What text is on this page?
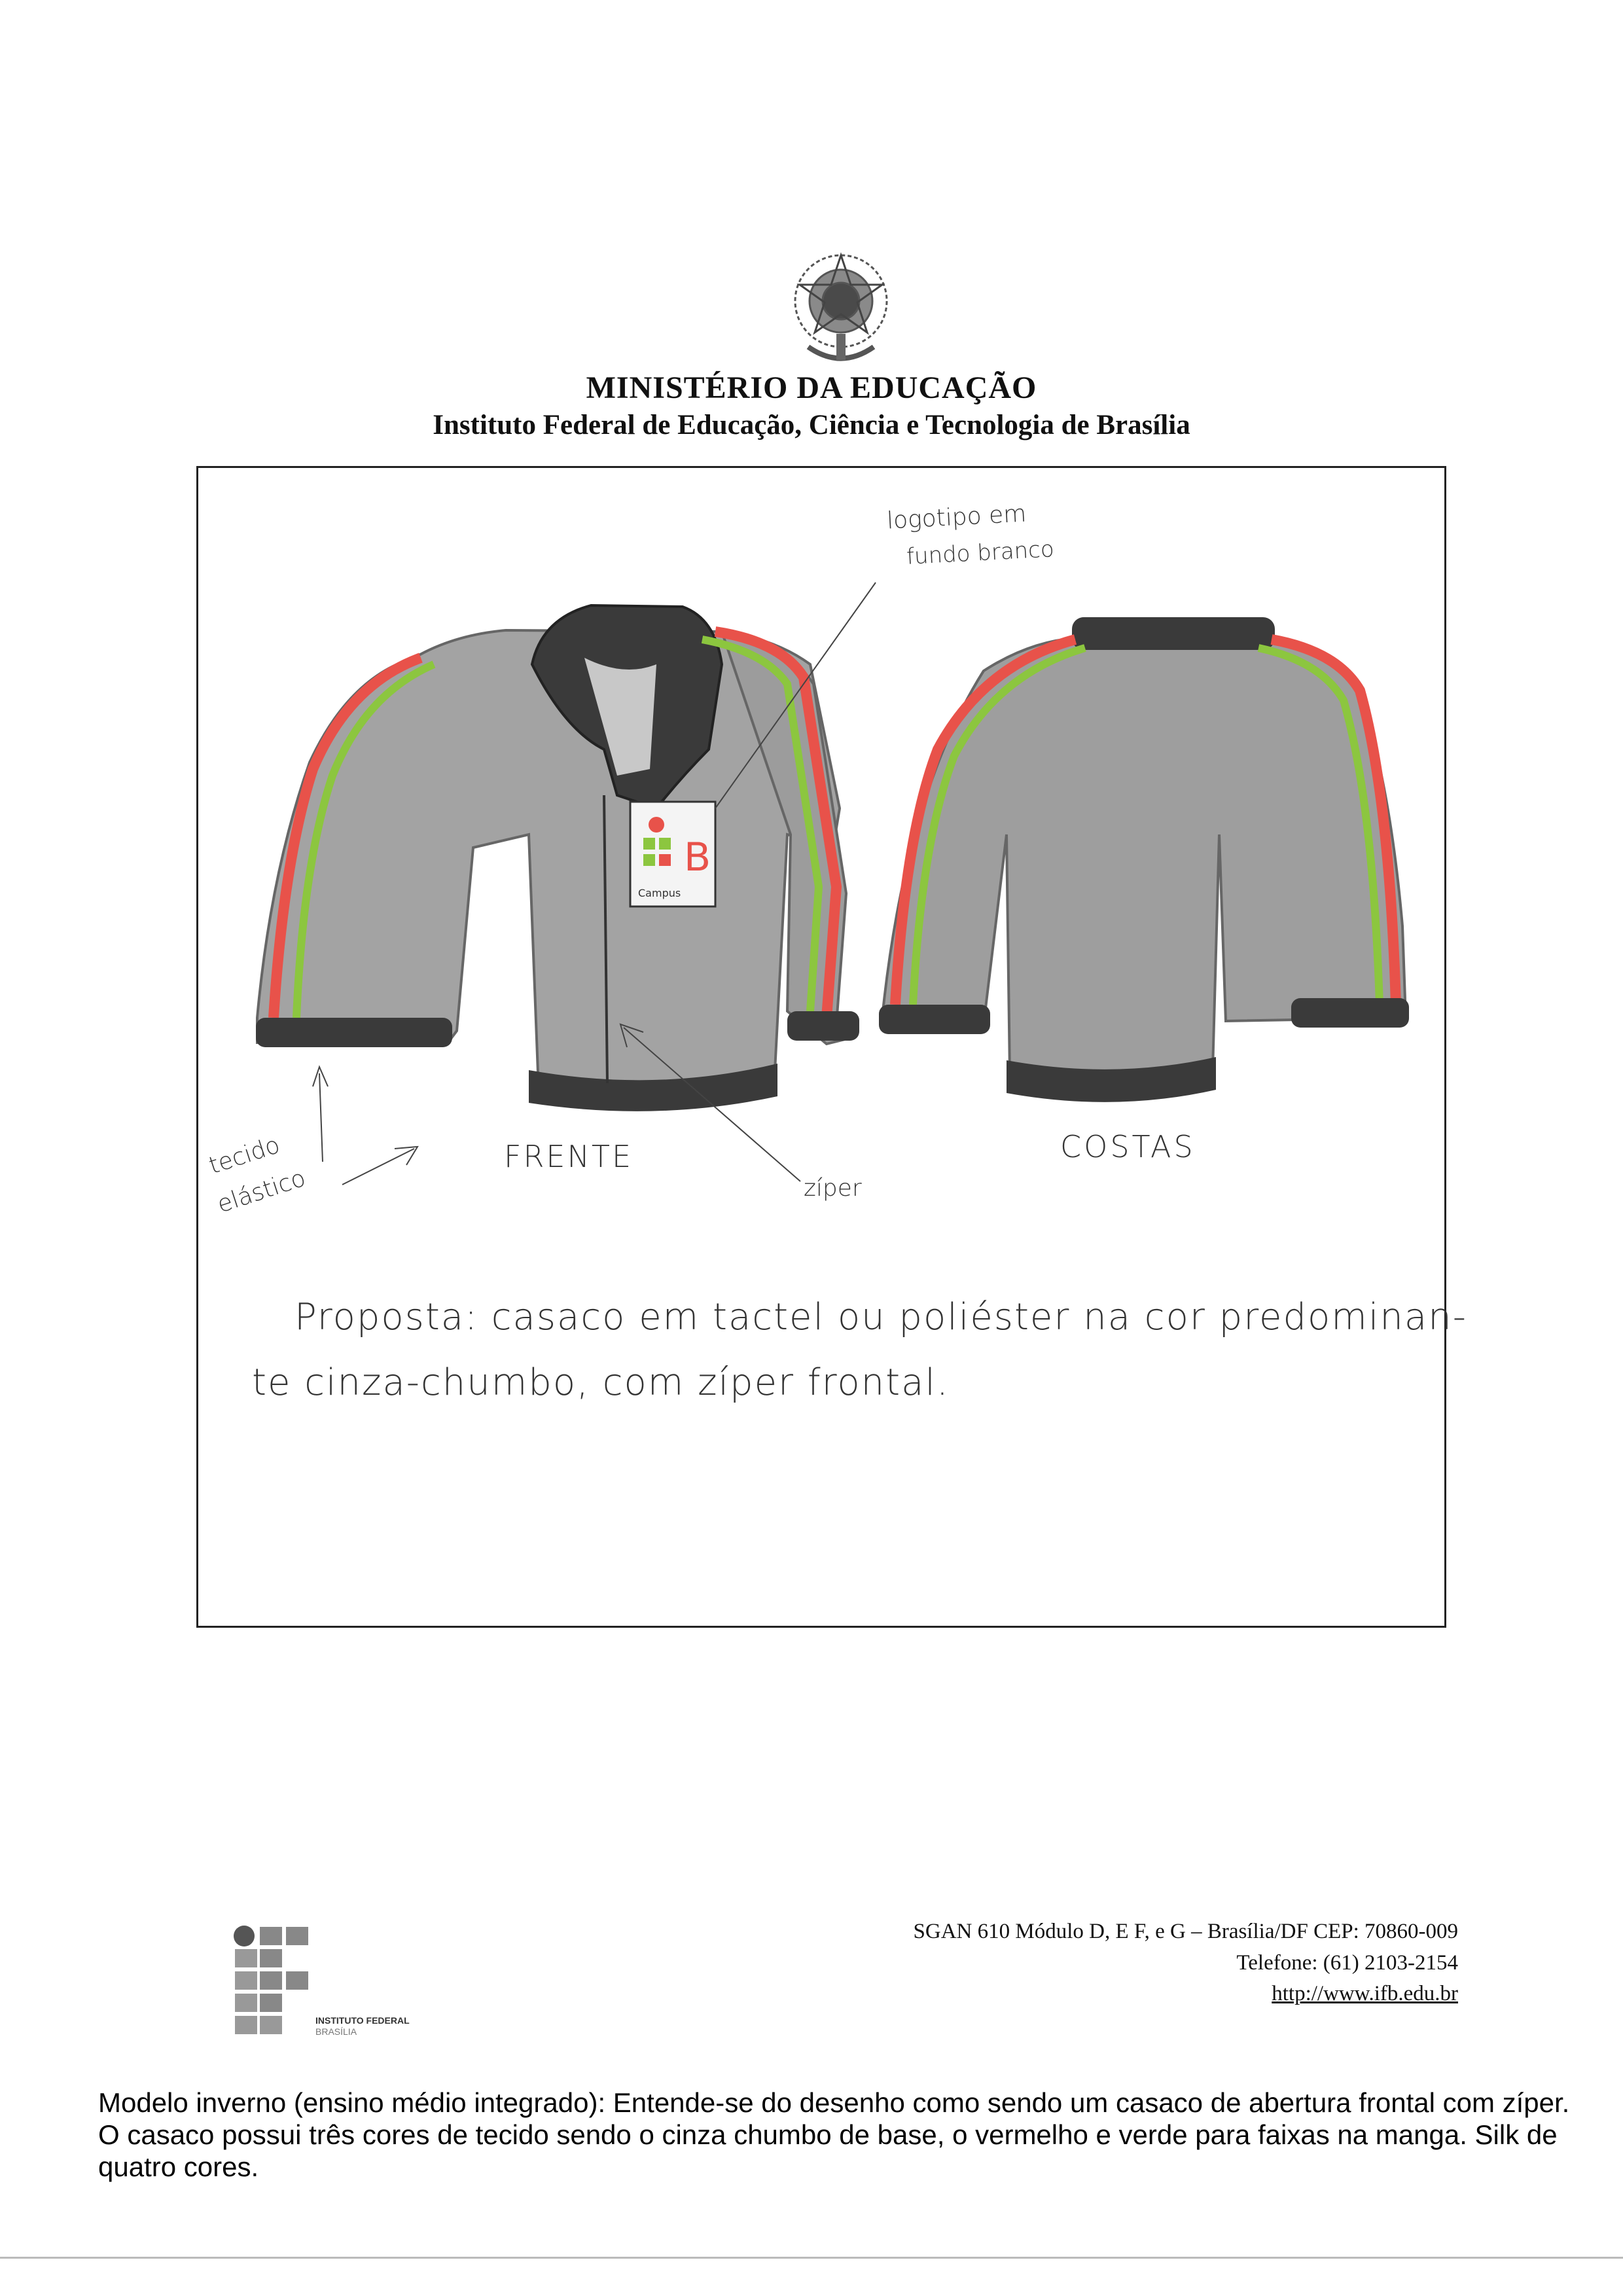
MINISTÉRIO DA EDUCAÇÃO
Instituto Federal de Educação, Ciência e Tecnologia de Brasília
B
Campus
logotipo em
fundo branco
tecido
elástico
FRENTE	COSTAS
zíper
Proposta: casaco em tactel ou poliéster na cor predominan-
te cinza-chumbo, com zíper frontal.
INSTITUTO FEDERAL
BRASÍLIA
SGAN 610 Módulo D, E F, e G – Brasília/DF CEP: 70860-009
Telefone: (61) 2103-2154
http://www.ifb.edu.br
Modelo inverno (ensino médio integrado): Entende-se do desenho como sendo um casaco de abertura frontal com zíper. O casaco possui três cores de tecido sendo o cinza chumbo de base, o vermelho e verde para faixas na manga. Silk de quatro cores.
